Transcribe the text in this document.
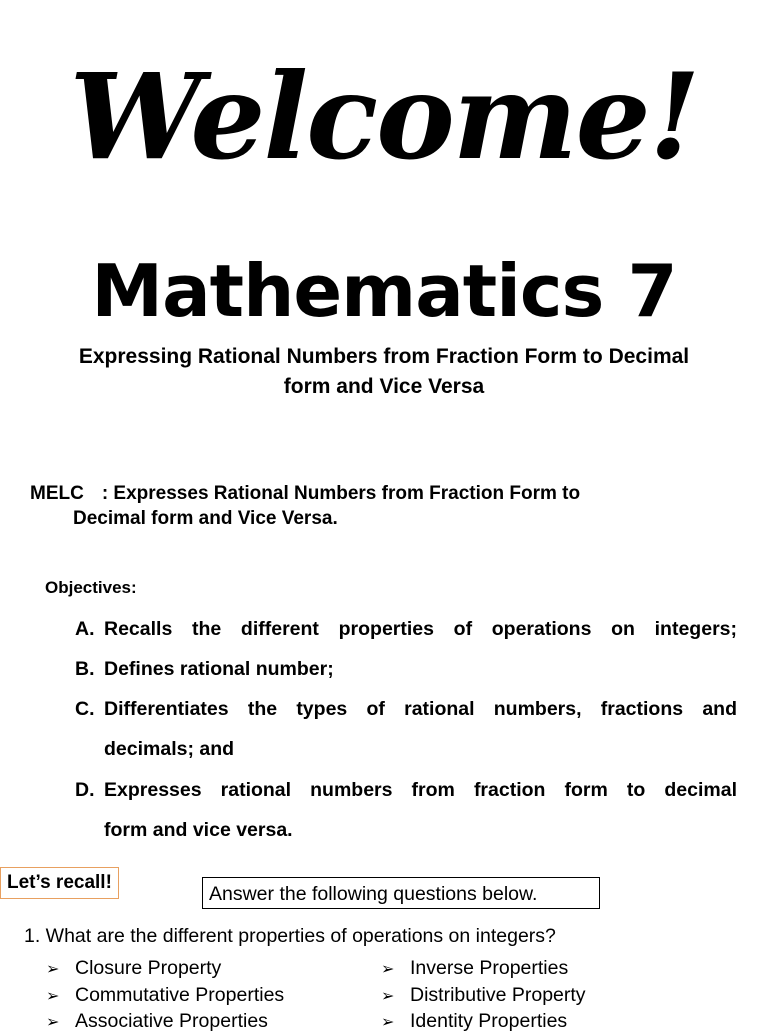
Welcome!
Mathematics 7
Expressing Rational Numbers from Fraction Form to Decimal
form and Vice Versa
MELC : Expresses Rational Numbers from Fraction Form to
Decimal form and Vice Versa.
Objectives:
A. Recalls the different properties of operations on integers;
B. Defines rational number;
C. Differentiates the types of rational numbers, fractions and
decimals; and
D. Expresses rational numbers from fraction form to decimal
form and vice versa.
Let’s recall!
Answer the following questions below.
1. What are the different properties of operations on integers?
➢ Closure Property
➢ Commutative Properties
➢ Associative Properties
➢ Inverse Properties
➢ Distributive Property
➢ Identity Properties
